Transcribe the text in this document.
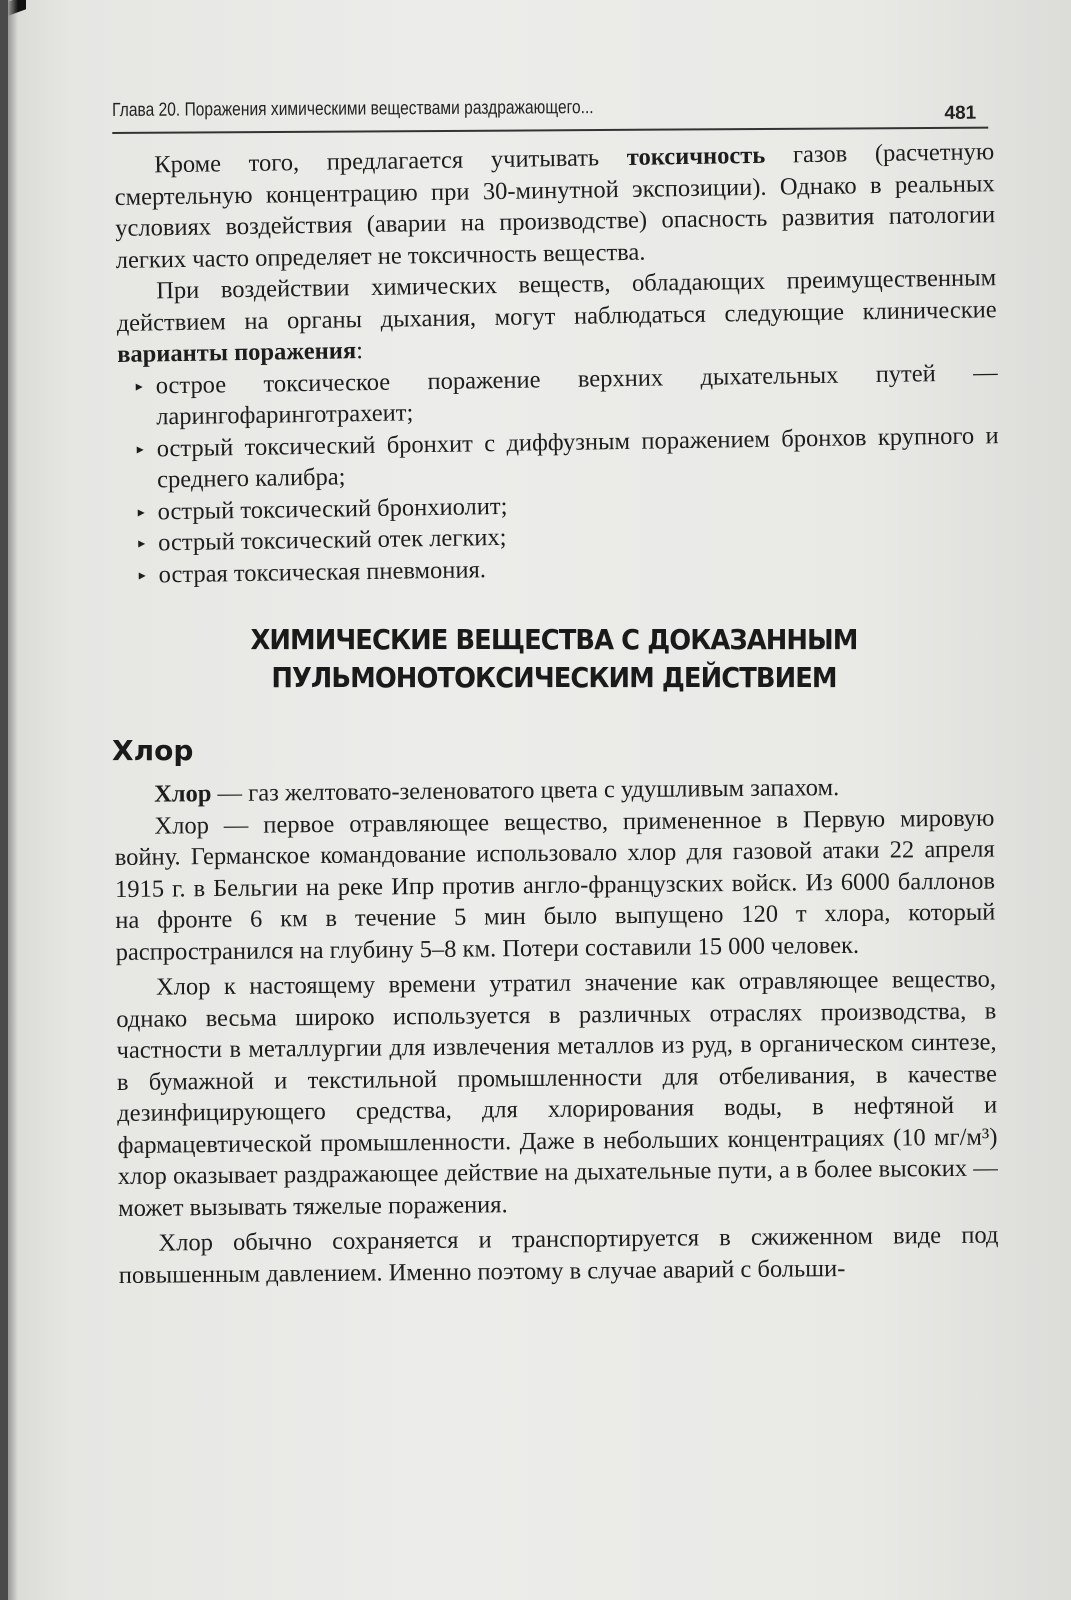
Глава 20. Поражения химическими веществами раздражающего...	481

Кроме того, предлагается учитывать токсичность газов (расчетную смертельную концентрацию при 30-минутной экспозиции). Однако в реальных условиях воздействия (аварии на производстве) опасность развития патологии легких часто определяет не токсичность вещества.

При воздействии химических веществ, обладающих преимущественным действием на органы дыхания, могут наблюдаться следующие клинические варианты поражения:

▸ острое токсическое поражение верхних дыхательных путей — ларингофаринготрахеит;
▸ острый токсический бронхит с диффузным поражением бронхов крупного и среднего калибра;
▸ острый токсический бронхиолит;
▸ острый токсический отек легких;
▸ острая токсическая пневмония.
ХИМИЧЕСКИЕ ВЕЩЕСТВА С ДОКАЗАННЫМ
ПУЛЬМОНОТОКСИЧЕСКИМ ДЕЙСТВИЕМ
Хлор

Хлор — газ желтовато-зеленоватого цвета с удушливым запахом.

Хлор — первое отравляющее вещество, примененное в Первую мировую войну. Германское командование использовало хлор для газовой атаки 22 апреля 1915 г. в Бельгии на реке Ипр против англо-французских войск. Из 6000 баллонов на фронте 6 км в течение 5 мин было выпущено 120 т хлора, который распространился на глубину 5–8 км. Потери составили 15 000 человек.

Хлор к настоящему времени утратил значение как отравляющее вещество, однако весьма широко используется в различных отраслях производства, в частности в металлургии для извлечения металлов из руд, в органическом синтезе, в бумажной и текстильной промышленности для отбеливания, в качестве дезинфицирующего средства, для хлорирования воды, в нефтяной и фармацевтической промышленности. Даже в небольших концентрациях (10 мг/м³) хлор оказывает раздражающее действие на дыхательные пути, а в более высоких — может вызывать тяжелые поражения.

Хлор обычно сохраняется и транспортируется в сжиженном виде под повышенным давлением. Именно поэтому в случае аварий с больши-
